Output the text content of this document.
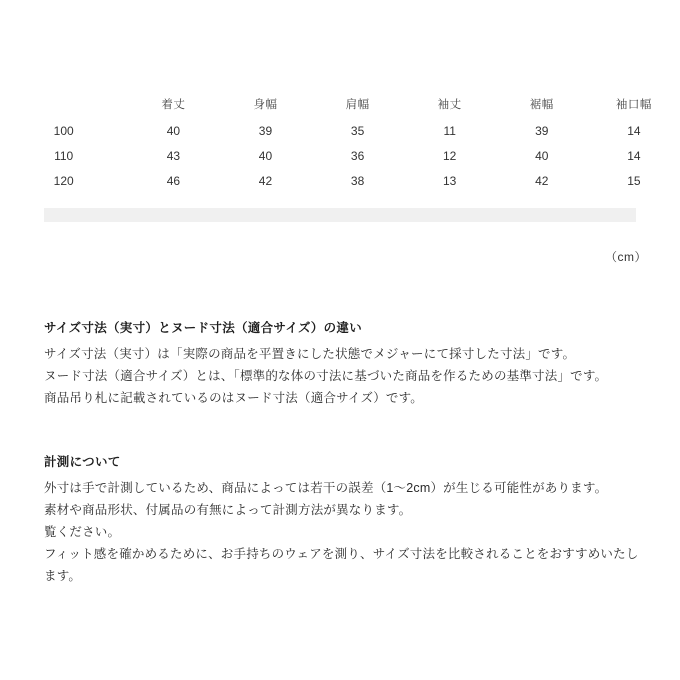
	着丈	身幅	肩幅	袖丈	裾幅	袖口幅
100	40	39	35	11	39	14
110	43	40	36	12	40	14
120	46	42	38	13	42	15
（cm）

サイズ寸法（実寸）とヌード寸法（適合サイズ）の違い

サイズ寸法（実寸）は「実際の商品を平置きにした状態でメジャーにて採寸した寸法」です。

ヌード寸法（適合サイズ）とは、「標準的な体の寸法に基づいた商品を作るための基準寸法」です。

商品吊り札に記載されているのはヌード寸法（適合サイズ）です。

計測について

外寸は手で計測しているため、商品によっては若干の誤差（1〜2cm）が生じる可能性があります。

素材や商品形状、付属品の有無によって計測方法が異なります。

覧ください。

フィット感を確かめるために、お手持ちのウェアを測り、サイズ寸法を比較されることをおすすめいたし

ます。
